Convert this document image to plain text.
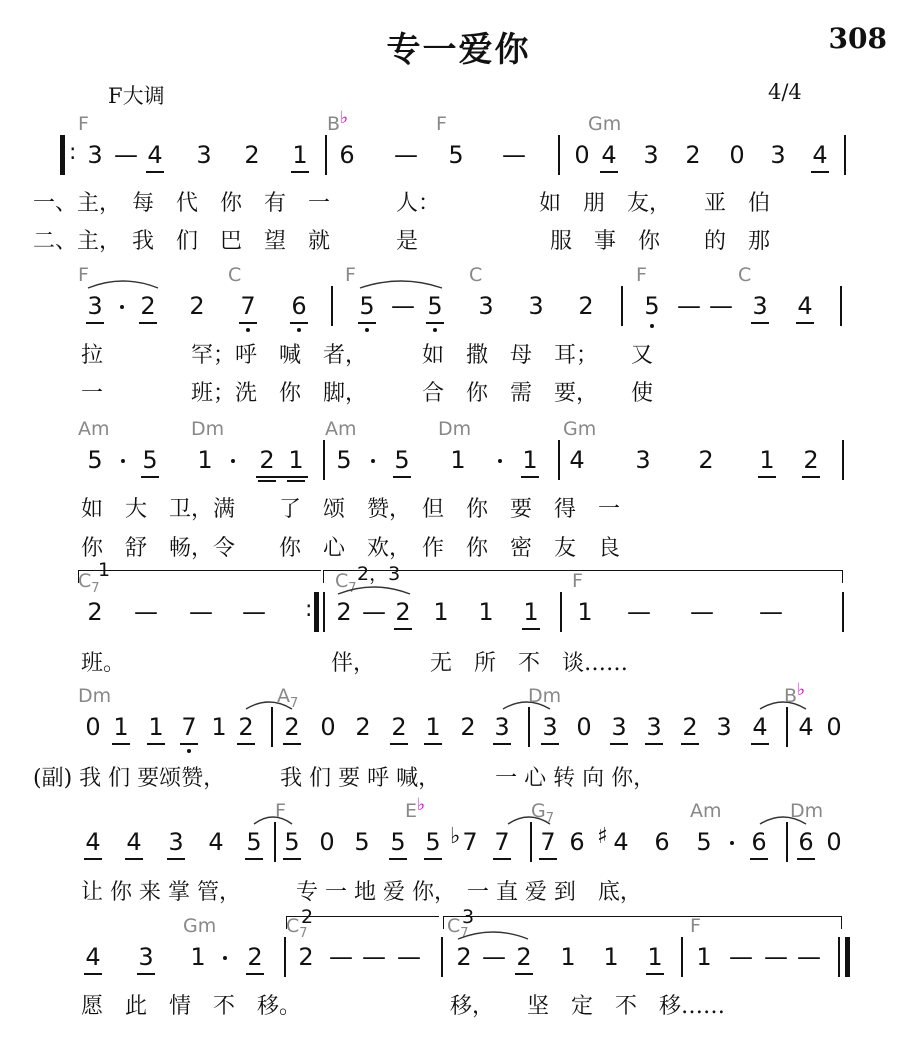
专一爱你	308
F大调	4/4
:
F
3 — 4 3 2 1
B♭	F
6 — 5 —
Gm
0 4 3 2 0 3 4
一、主，　每　代　你　有　一　　　人：　　　　　如　朋　友，　　亚　伯
二、主，　我　们　巴　望　就　　　是　　　　　　服　事　你　　的　那
F	C
3 2 2 7 6
F	C
5 — 5 3 3 2
F	C
5 — — 3 4
拉　　　　罕；呼　喊　者，　　　如　撒　母　耳；　　又
一　　　　班；洗　你　脚，　　　合　你　需　要，　　使
Am	Dm
5 5 1 2 1
Am	Dm
5 5 1 1
Gm
4 3 2 1 2
如　大　卫，满　　了　颂　赞，　但　你　要　得　一
你　舒　畅，令　　你　心　欢，　作　你　密　友　良
1	2，3
$C_7$
2 — — — :
$C_7$
2 — 2 1 1 1
F
1 — — —
班。	伴，　　　无　所　不　谈……
Dm
0 1 1 7 1 2
$A_7$
2 0 2 2 1 2 3
Dm
3 0 3 3 2 3 4
B♭
4 0
(副) 我 们 要颂赞，　　　我 们 要 呼 喊，　　　一 心 转 向 你，
4 4 3 4 5
F
5 0 5 5 5 ♭ 7 7
E♭	$G_7$
7 6 ♯ 4 6
Am
5 6
Dm
6 0
让 你 来 掌 管，　　　专 一 地 爱 你，　一 直 爱 到　底，
2	3
Gm
4 3 1 2
$C_7$
2 — — —
$C_7$
2 — 2 1 1 1
F
1 — — —
愿　此　情　不　移。	移，　　坚　定　不　移……
